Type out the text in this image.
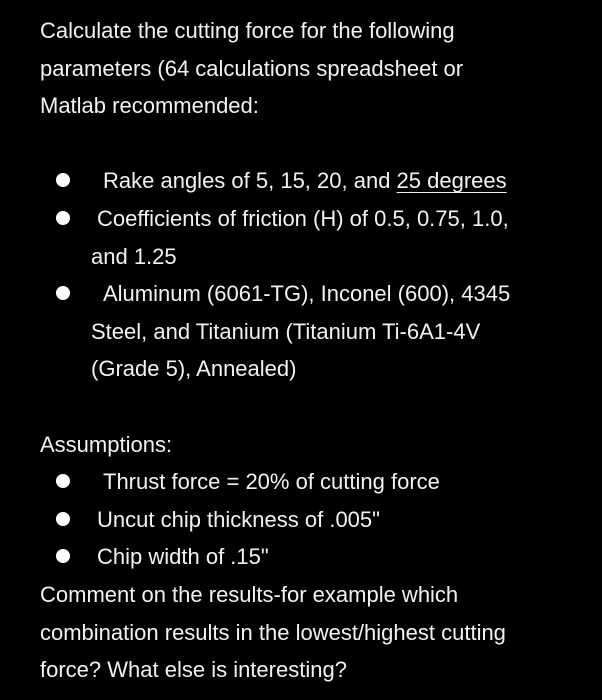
Calculate the cutting force for the following
parameters (64 calculations spreadsheet or
Matlab recommended:

Rake angles of 5, 15, 20, and 25 degrees
Coefficients of friction (H) of 0.5, 0.75, 1.0,
and 1.25
Aluminum (6061-TG), Inconel (600), 4345
Steel, and Titanium (Titanium Ti-6A1-4V
(Grade 5), Annealed)

Assumptions:

Thrust force = 20% of cutting force
Uncut chip thickness of .005"
Chip width of .15"

Comment on the results-for example which
combination results in the lowest/highest cutting
force? What else is interesting?
